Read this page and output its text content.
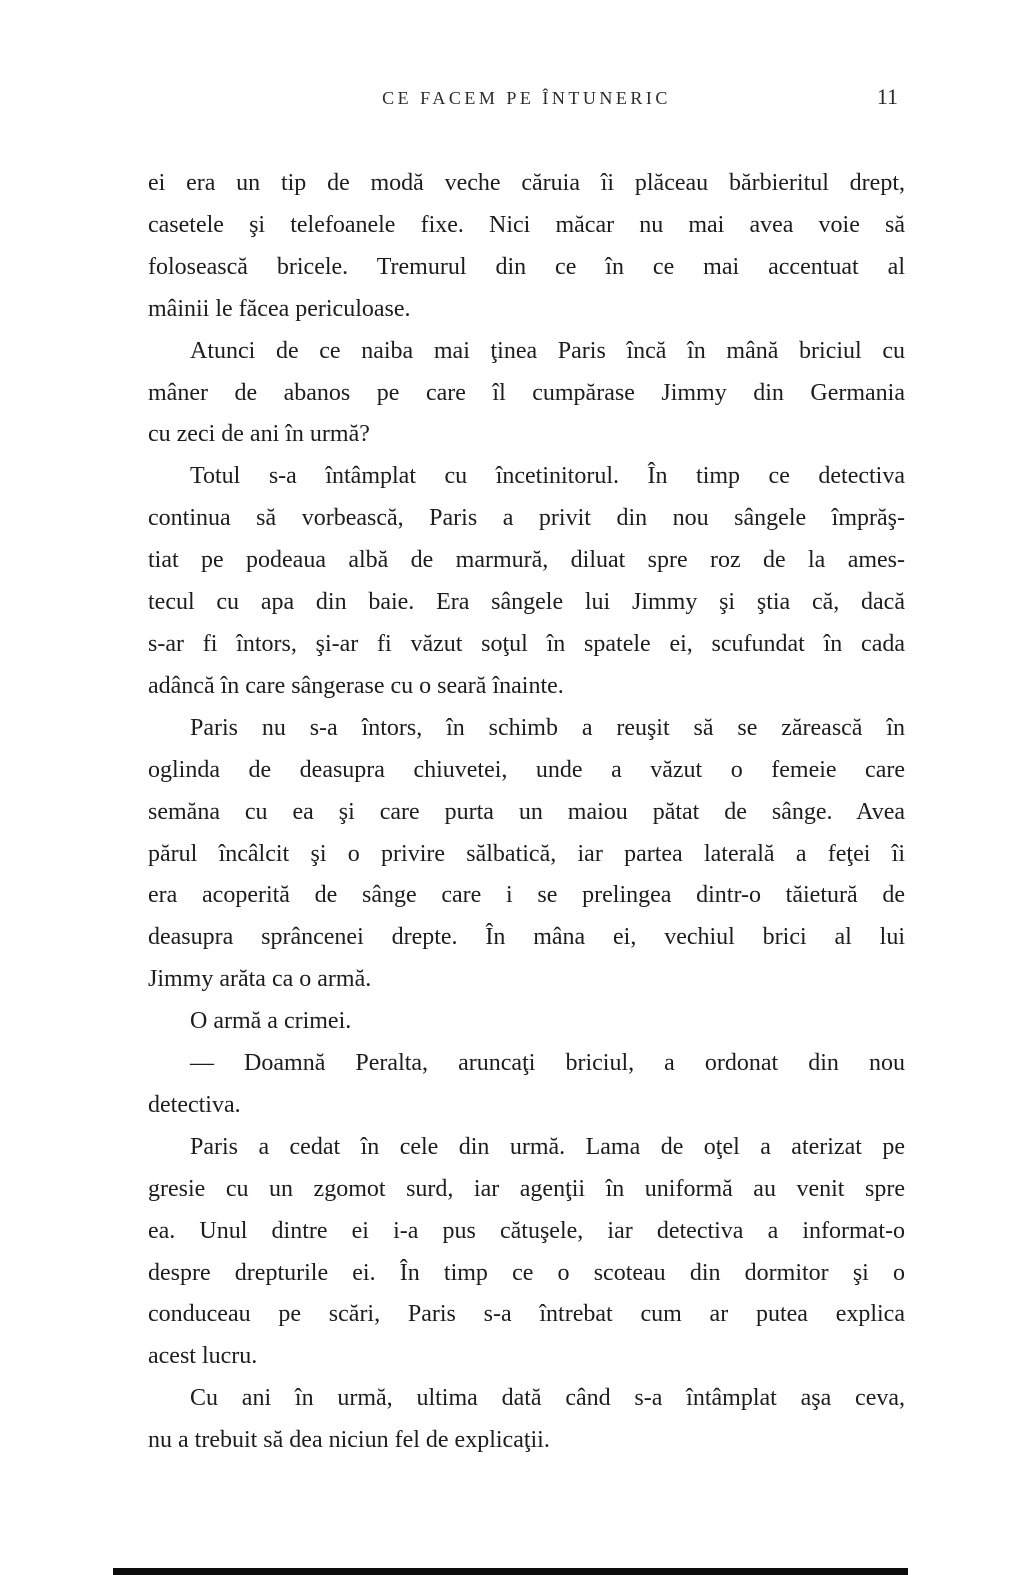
CE FACEM PE ÎNTUNERIC	11
ei era un tip de modă veche căruia îi plăceau bărbieritul drept,
casetele şi telefoanele fixe. Nici măcar nu mai avea voie să
folosească bricele. Tremurul din ce în ce mai accentuat al
mâinii le făcea periculoase.
Atunci de ce naiba mai ţinea Paris încă în mână briciul cu
mâner de abanos pe care îl cumpărase Jimmy din Germania
cu zeci de ani în urmă?
Totul s-a întâmplat cu încetinitorul. În timp ce detectiva
continua să vorbească, Paris a privit din nou sângele împrăş-
tiat pe podeaua albă de marmură, diluat spre roz de la ames-
tecul cu apa din baie. Era sângele lui Jimmy şi ştia că, dacă
s-ar fi întors, şi-ar fi văzut soţul în spatele ei, scufundat în cada
adâncă în care sângerase cu o seară înainte.
Paris nu s-a întors, în schimb a reuşit să se zărească în
oglinda de deasupra chiuvetei, unde a văzut o femeie care
semăna cu ea şi care purta un maiou pătat de sânge. Avea
părul încâlcit şi o privire sălbatică, iar partea laterală a feţei îi
era acoperită de sânge care i se prelingea dintr-o tăietură de
deasupra sprâncenei drepte. În mâna ei, vechiul brici al lui
Jimmy arăta ca o armă.
O armă a crimei.
— Doamnă Peralta, aruncaţi briciul, a ordonat din nou
detectiva.
Paris a cedat în cele din urmă. Lama de oţel a aterizat pe
gresie cu un zgomot surd, iar agenţii în uniformă au venit spre
ea. Unul dintre ei i-a pus cătuşele, iar detectiva a informat-o
despre drepturile ei. În timp ce o scoteau din dormitor şi o
conduceau pe scări, Paris s-a întrebat cum ar putea explica
acest lucru.
Cu ani în urmă, ultima dată când s-a întâmplat aşa ceva,
nu a trebuit să dea niciun fel de explicaţii.
